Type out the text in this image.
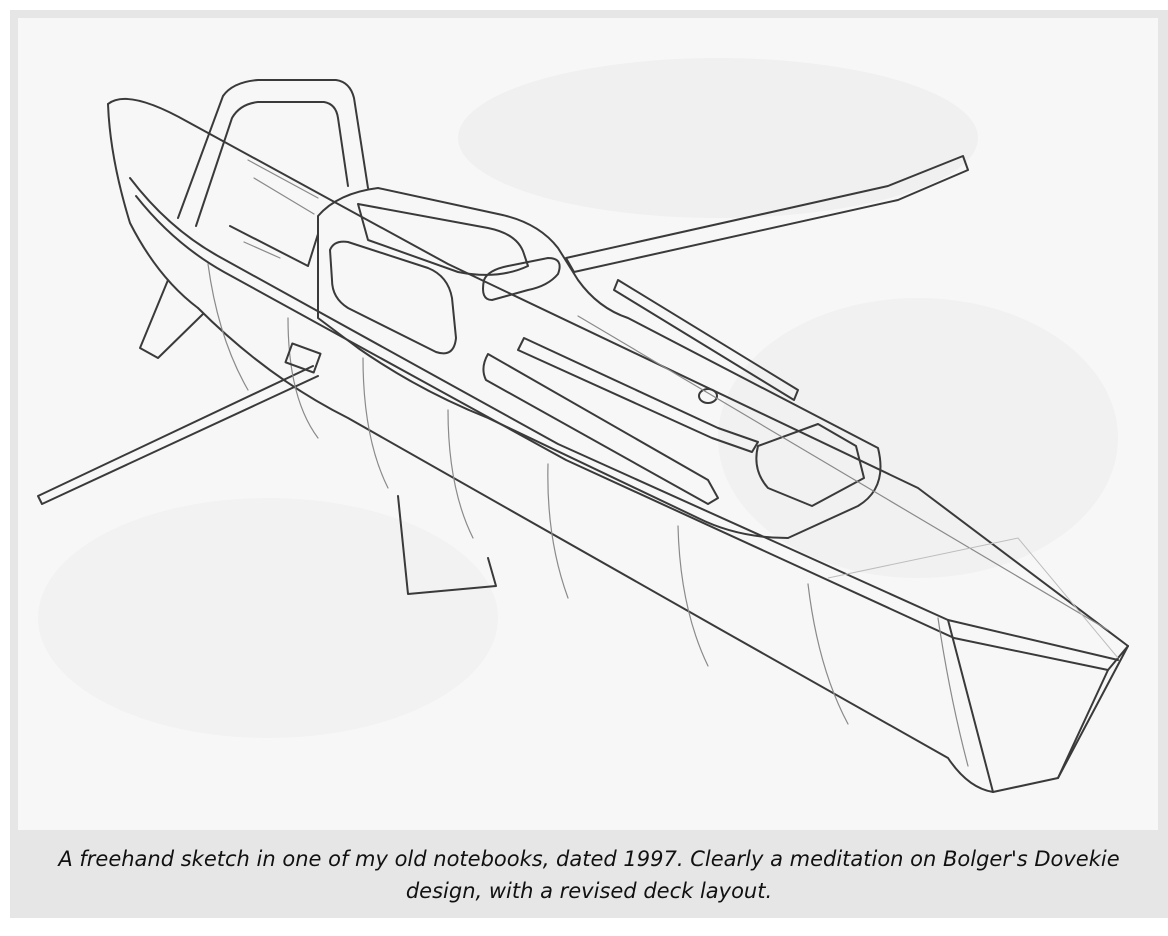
A freehand sketch in one of my old notebooks, dated 1997. Clearly a meditation on Bolger's Dovekie design, with a revised deck layout.
